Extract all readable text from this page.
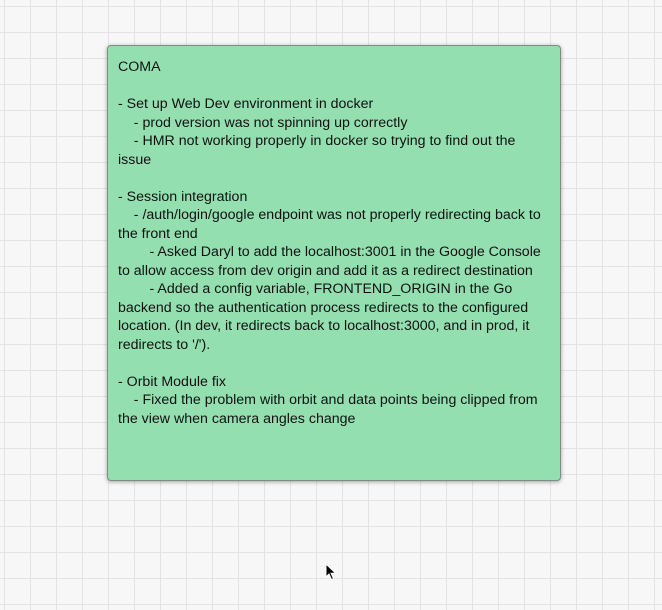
COMA
- Set up Web Dev environment in docker
- prod version was not spinning up correctly
- HMR not working properly in docker so trying to find out the issue
- Session integration
- /auth/login/google endpoint was not properly redirecting back to the front end
- Asked Daryl to add the localhost:3001 in the Google Console to allow access from dev origin and add it as a redirect destination
- Added a config variable, FRONTEND_ORIGIN in the Go backend so the authentication process redirects to the configured location. (In dev, it redirects back to localhost:3000, and in prod, it redirects to '/').
- Orbit Module fix
- Fixed the problem with orbit and data points being clipped from the view when camera angles change
